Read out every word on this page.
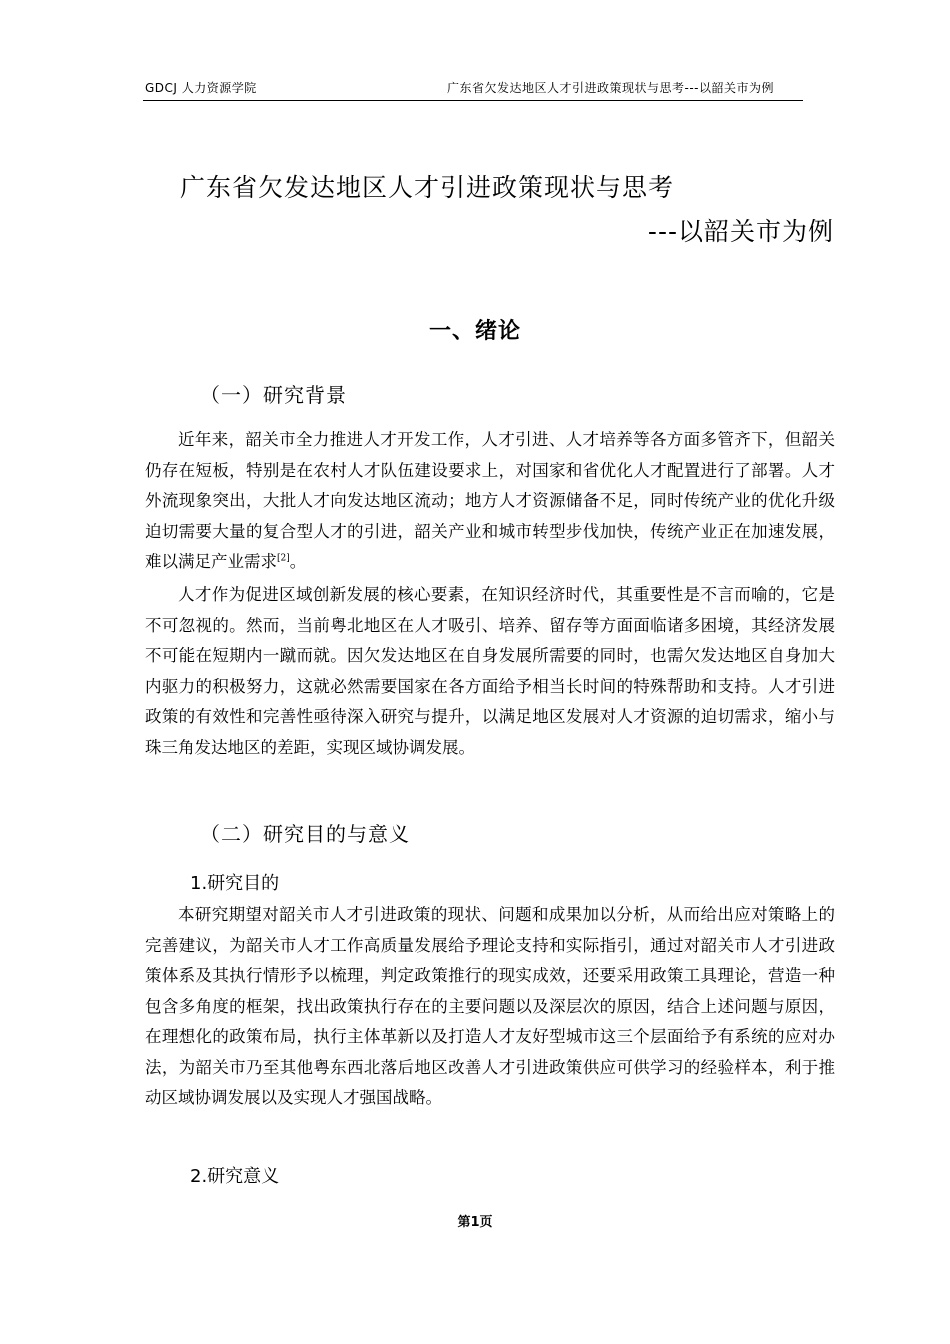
GDCJ 人力资源学院	广东省欠发达地区人才引进政策现状与思考---以韶关市为例
广东省欠发达地区人才引进政策现状与思考
---以韶关市为例
一、绪论
（一）研究背景

近年来，韶关市全力推进人才开发工作，人才引进、人才培养等各方面多管齐下，但韶关仍存在短板，特别是在农村人才队伍建设要求上，对国家和省优化人才配置进行了部署。人才外流现象突出，大批人才向发达地区流动；地方人才资源储备不足，同时传统产业的优化升级迫切需要大量的复合型人才的引进，韶关产业和城市转型步伐加快，传统产业正在加速发展，难以满足产业需求[2]。

人才作为促进区域创新发展的核心要素，在知识经济时代，其重要性是不言而喻的，它是不可忽视的。然而，当前粤北地区在人才吸引、培养、留存等方面面临诸多困境，其经济发展不可能在短期内一蹴而就。因欠发达地区在自身发展所需要的同时，也需欠发达地区自身加大内驱力的积极努力，这就必然需要国家在各方面给予相当长时间的特殊帮助和支持。人才引进政策的有效性和完善性亟待深入研究与提升，以满足地区发展对人才资源的迫切需求，缩小与珠三角发达地区的差距，实现区域协调发展。

（二）研究目的与意义
1.研究目的

本研究期望对韶关市人才引进政策的现状、问题和成果加以分析，从而给出应对策略上的完善建议，为韶关市人才工作高质量发展给予理论支持和实际指引，通过对韶关市人才引进政策体系及其执行情形予以梳理，判定政策推行的现实成效，还要采用政策工具理论，营造一种包含多角度的框架，找出政策执行存在的主要问题以及深层次的原因，结合上述问题与原因，在理想化的政策布局，执行主体革新以及打造人才友好型城市这三个层面给予有系统的应对办法，为韶关市乃至其他粤东西北落后地区改善人才引进政策供应可供学习的经验样本，利于推动区域协调发展以及实现人才强国战略。

2.研究意义
第1页
